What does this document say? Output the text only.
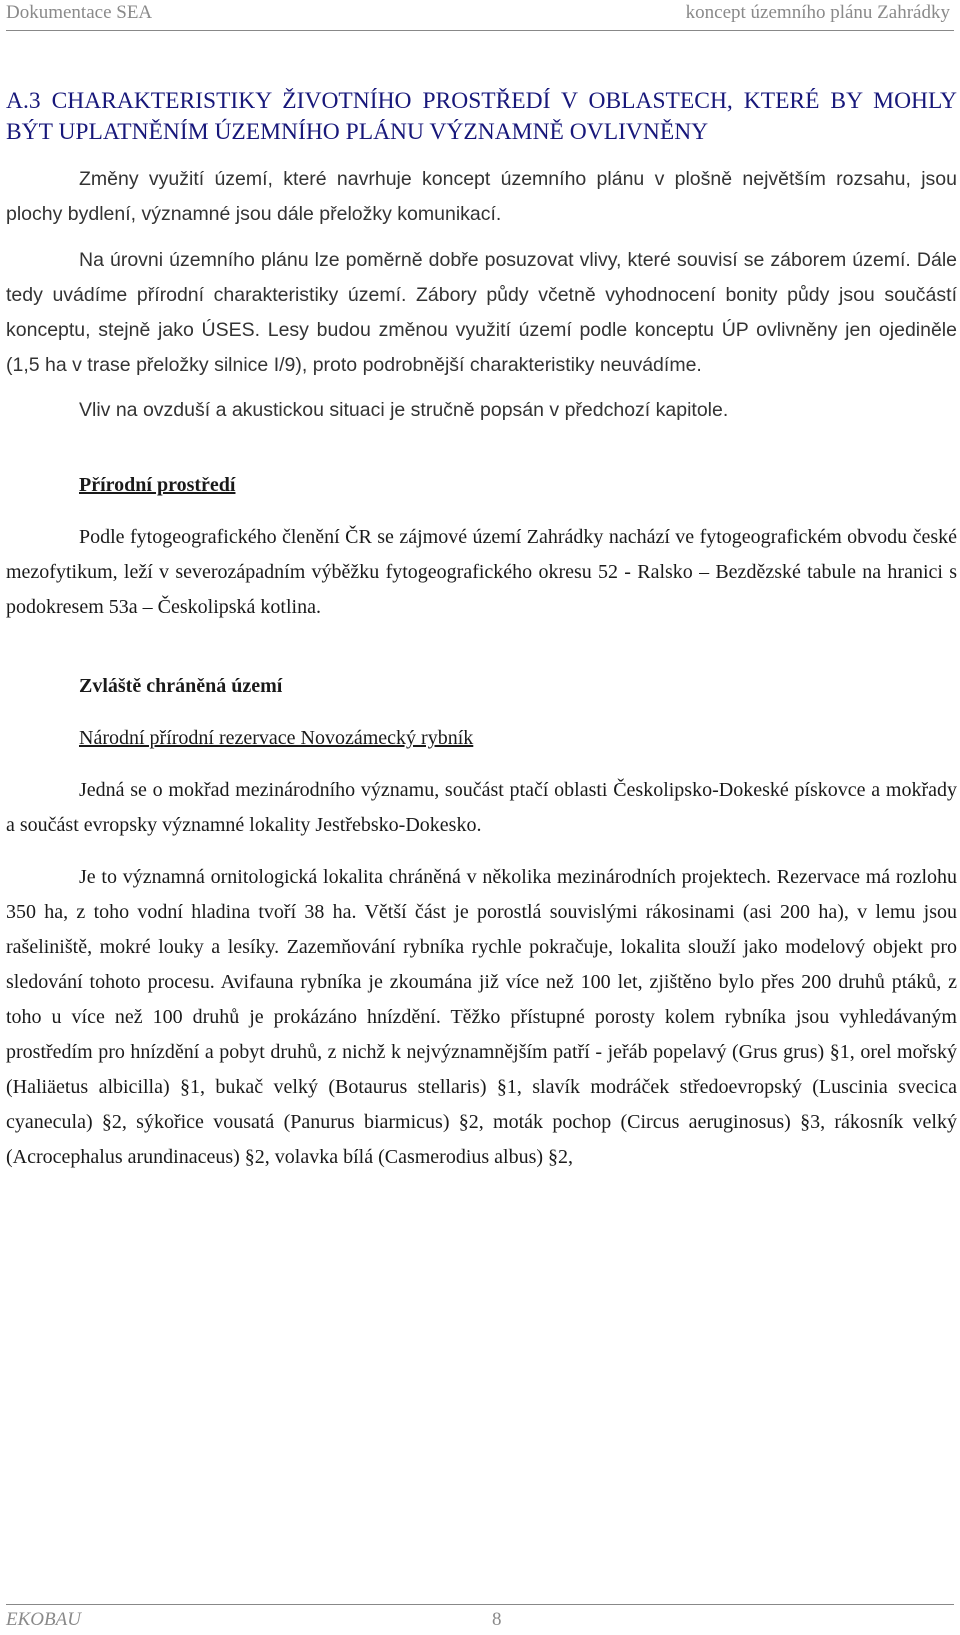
Dokumentace SEA	koncept územního plánu Zahrádky
A.3 CHARAKTERISTIKY ŽIVOTNÍHO PROSTŘEDÍ V OBLASTECH, KTERÉ BY MOHLY BÝT UPLATNĚNÍM ÚZEMNÍHO PLÁNU VÝZNAMNĚ OVLIVNĚNY

Změny využití území, které navrhuje koncept územního plánu v plošně největším rozsahu, jsou plochy bydlení, významné jsou dále přeložky komunikací.

Na úrovni územního plánu lze poměrně dobře posuzovat vlivy, které souvisí se záborem území. Dále tedy uvádíme přírodní charakteristiky území. Zábory půdy včetně vyhodnocení bonity půdy jsou součástí konceptu, stejně jako ÚSES. Lesy budou změnou využití území podle konceptu ÚP ovlivněny jen ojediněle (1,5 ha v trase přeložky silnice I/9), proto podrobnější charakteristiky neuvádíme.

Vliv na ovzduší a akustickou situaci je stručně popsán v předchozí kapitole.

Přírodní prostředí

Podle fytogeografického členění ČR se zájmové území Zahrádky nachází ve fytogeografickém obvodu české mezofytikum, leží v severozápadním výběžku fytogeografického okresu 52 - Ralsko – Bezdězské tabule na hranici s podokresem 53a – Českolipská kotlina.

Zvláště chráněná území

Národní přírodní rezervace Novozámecký rybník

Jedná se o mokřad mezinárodního významu, součást ptačí oblasti Českolipsko-Dokeské pískovce a mokřady a součást evropsky významné lokality Jestřebsko-Dokesko.

Je to významná ornitologická lokalita chráněná v několika mezinárodních projektech. Rezervace má rozlohu 350 ha, z toho vodní hladina tvoří 38 ha. Větší část je porostlá souvislými rákosinami (asi 200 ha), v lemu jsou rašeliniště, mokré louky a lesíky. Zazemňování rybníka rychle pokračuje, lokalita slouží jako modelový objekt pro sledování tohoto procesu. Avifauna rybníka je zkoumána již více než 100 let, zjištěno bylo přes 200 druhů ptáků, z toho u více než 100 druhů je prokázáno hnízdění. Těžko přístupné porosty kolem rybníka jsou vyhledávaným prostředím pro hnízdění a pobyt druhů, z nichž k nejvýznamnějším patří - jeřáb popelavý (Grus grus) §1, orel mořský (Haliäetus albicilla) §1, bukač velký (Botaurus stellaris) §1, slavík modráček středoevropský (Luscinia svecica cyanecula) §2, sýkořice vousatá (Panurus biarmicus) §2, moták pochop (Circus aeruginosus) §3, rákosník velký (Acrocephalus arundinaceus) §2, volavka bílá (Casmerodius albus) §2,

EKOBAU	8
